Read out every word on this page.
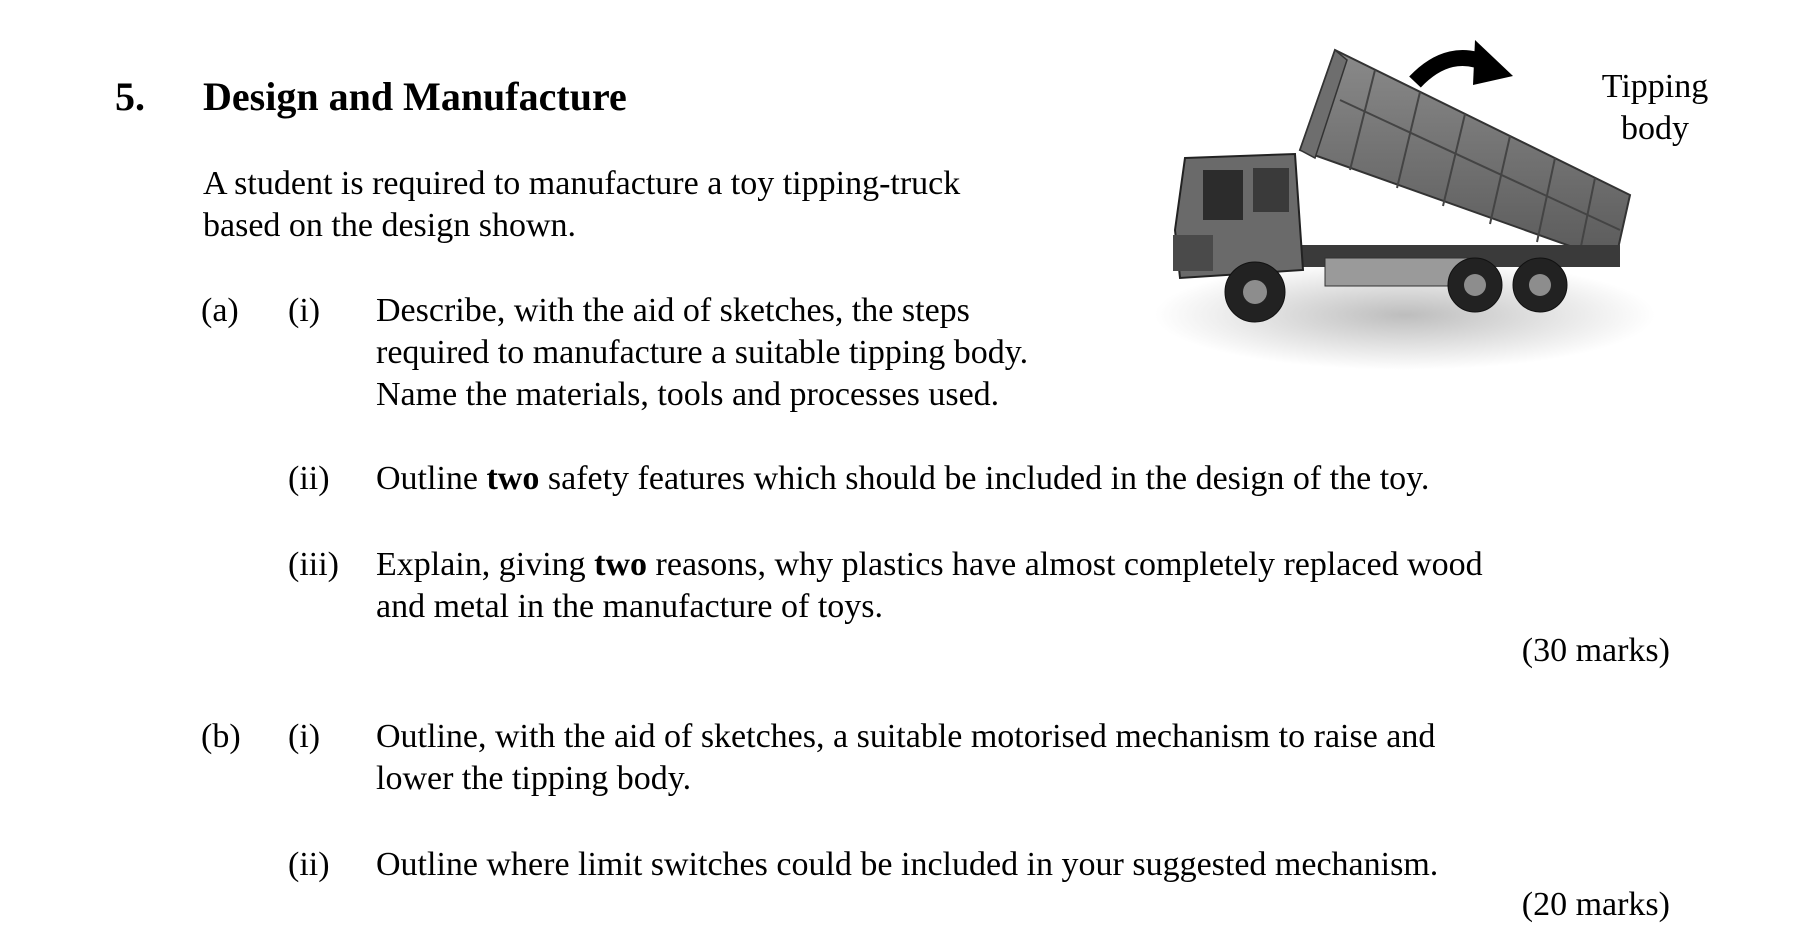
5. Design and Manufacture
A student is required to manufacture a toy tipping-truck
based on the design shown.
Tipping
body
(a) (i) Describe, with the aid of sketches, the steps
required to manufacture a suitable tipping body.
Name the materials, tools and processes used.
(ii) Outline two safety features which should be included in the design of the toy.
(iii) Explain, giving two reasons, why plastics have almost completely replaced wood
and metal in the manufacture of toys.
(30 marks)
(b) (i) Outline, with the aid of sketches, a suitable motorised mechanism to raise and
lower the tipping body.
(ii) Outline where limit switches could be included in your suggested mechanism.
(20 marks)
